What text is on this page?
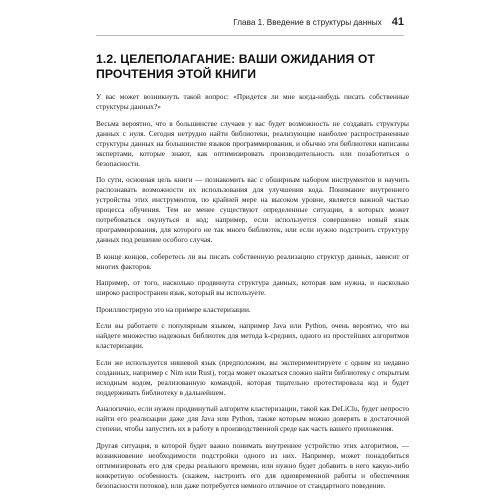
Глава 1. Введение в структуры данных 41
1.2. ЦЕЛЕПОЛАГАНИЕ: ВАШИ ОЖИДАНИЯ ОТ ПРОЧТЕНИЯ ЭТОЙ КНИГИ

У вас может возникнуть такой вопрос: «Придется ли мне когда-нибудь писать собственные структуры данных?»

Весьма вероятно, что в большинстве случаев у вас будет возможность не создавать структуры данных с нуля. Сегодня нетрудно найти библиотеки, реализующие наиболее распространенные структуры данных на большинстве языков программирования, и обычно эти библиотеки написаны экспертами, которые знают, как оптимизировать производительность или позаботиться о безопасности.

По сути, основная цель книги — познакомить вас с обширным набором инструментов и научить распознавать возможности их использования для улучшения кода. Понимание внутреннего устройства этих инструментов, по крайней мере на высоком уровне, является важной частью процесса обучения. Тем не менее существуют определенные ситуации, в которых может потребоваться окунуться в код; например, если используется совершенно новый язык программирования, для которого не так много библиотек, или если нужно подстроить структуру данных под решение особого случая.

В конце концов, соберетесь ли вы писать собственную реализацию структур данных, зависит от многих факторов.

Например, от того, насколько продвинута структура данных, которая вам нужна, и насколько широко распространен язык, который вы используете.

Проиллюстрирую это на примере кластеризации.

Если вы работаете с популярным языком, например Java или Python, очень вероятно, что вы найдете множество надежных библиотек для метода k-средних, одного из простейших алгоритмов кластеризации.

Если же используется нишевой язык (предположим, вы экспериментируете с одним из недавно созданных, например с Nim или Rust), тогда может оказаться сложно найти библиотеку с открытым исходным кодом, реализованную командой, которая тщательно протестировала код и будет поддерживать библиотеку в дальнейшем.

Аналогично, если нужен продвинутый алгоритм кластеризации, такой как DeLiClu, будет непросто найти его реализации даже для Java или Python, также которым можно доверять в достаточной степени, чтобы запустить их в работу в производственной среде как часть вашего приложения.

Другая ситуация, в которой будет важно понимать внутреннее устройство этих алгоритмов, — возникновение необходимости подстройки одного из них. Например, может понадобиться оптимизировать его для среды реального времени, или нужно будет добавить в него какую-либо конкретную особенность (скажем, настроить его для одновременной работы и обеспечения безопасности потоков), или даже потребуется немного отличное от стандартного поведение.
